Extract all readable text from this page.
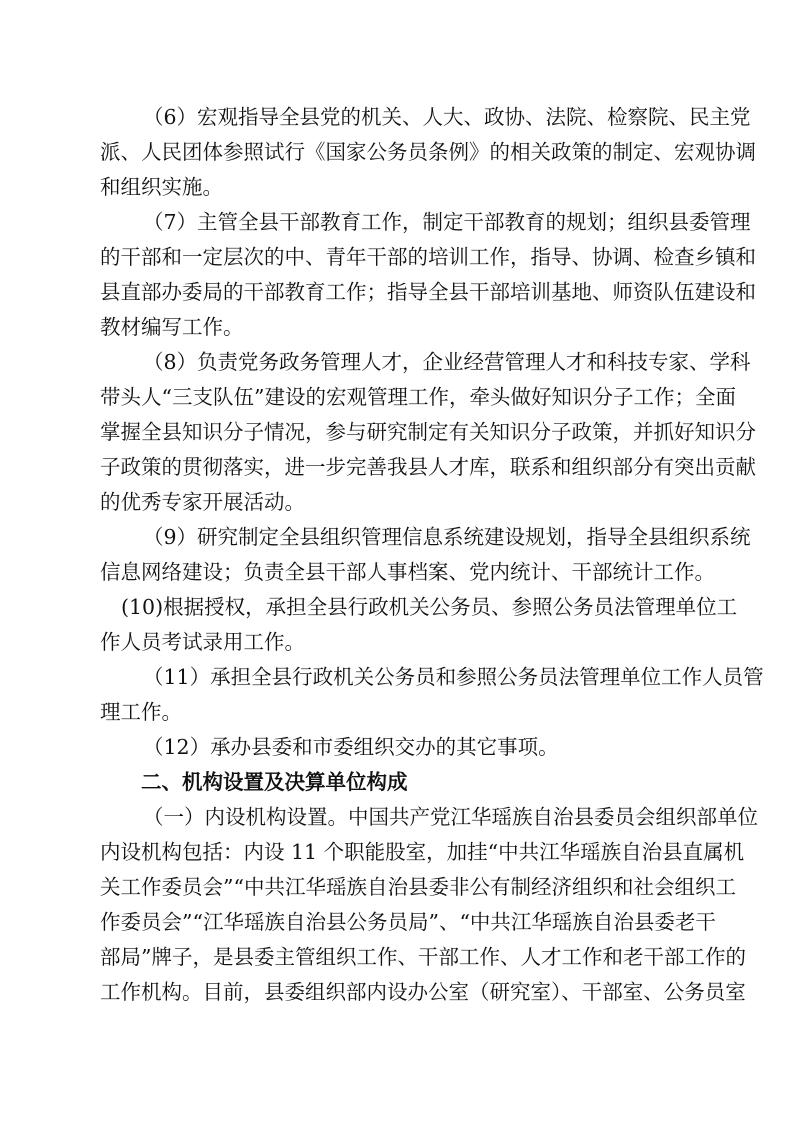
（6）宏观指导全县党的机关、人大、政协、法院、检察院、民主党
派、人民团体参照试行《国家公务员条例》的相关政策的制定、宏观协调
和组织实施。
（7）主管全县干部教育工作，制定干部教育的规划；组织县委管理
的干部和一定层次的中、青年干部的培训工作，指导、协调、检查乡镇和
县直部办委局的干部教育工作；指导全县干部培训基地、师资队伍建设和
教材编写工作。
（8）负责党务政务管理人才，企业经营管理人才和科技专家、学科
带头人“三支队伍”建设的宏观管理工作，牵头做好知识分子工作；全面
掌握全县知识分子情况，参与研究制定有关知识分子政策，并抓好知识分
子政策的贯彻落实，进一步完善我县人才库，联系和组织部分有突出贡献
的优秀专家开展活动。
（9）研究制定全县组织管理信息系统建设规划，指导全县组织系统
信息网络建设；负责全县干部人事档案、党内统计、干部统计工作。
(10)根据授权，承担全县行政机关公务员、参照公务员法管理单位工
作人员考试录用工作。
（11）承担全县行政机关公务员和参照公务员法管理单位工作人员管
理工作。
（12）承办县委和市委组织交办的其它事项。
二、机构设置及决算单位构成
（一）内设机构设置。中国共产党江华瑶族自治县委员会组织部单位
内设机构包括：内设 11 个职能股室，加挂“中共江华瑶族自治县直属机
关工作委员会”“中共江华瑶族自治县委非公有制经济组织和社会组织工
作委员会”“江华瑶族自治县公务员局”、“中共江华瑶族自治县委老干
部局”牌子，是县委主管组织工作、干部工作、人才工作和老干部工作的
工作机构。目前，县委组织部内设办公室（研究室）、干部室、公务员室
